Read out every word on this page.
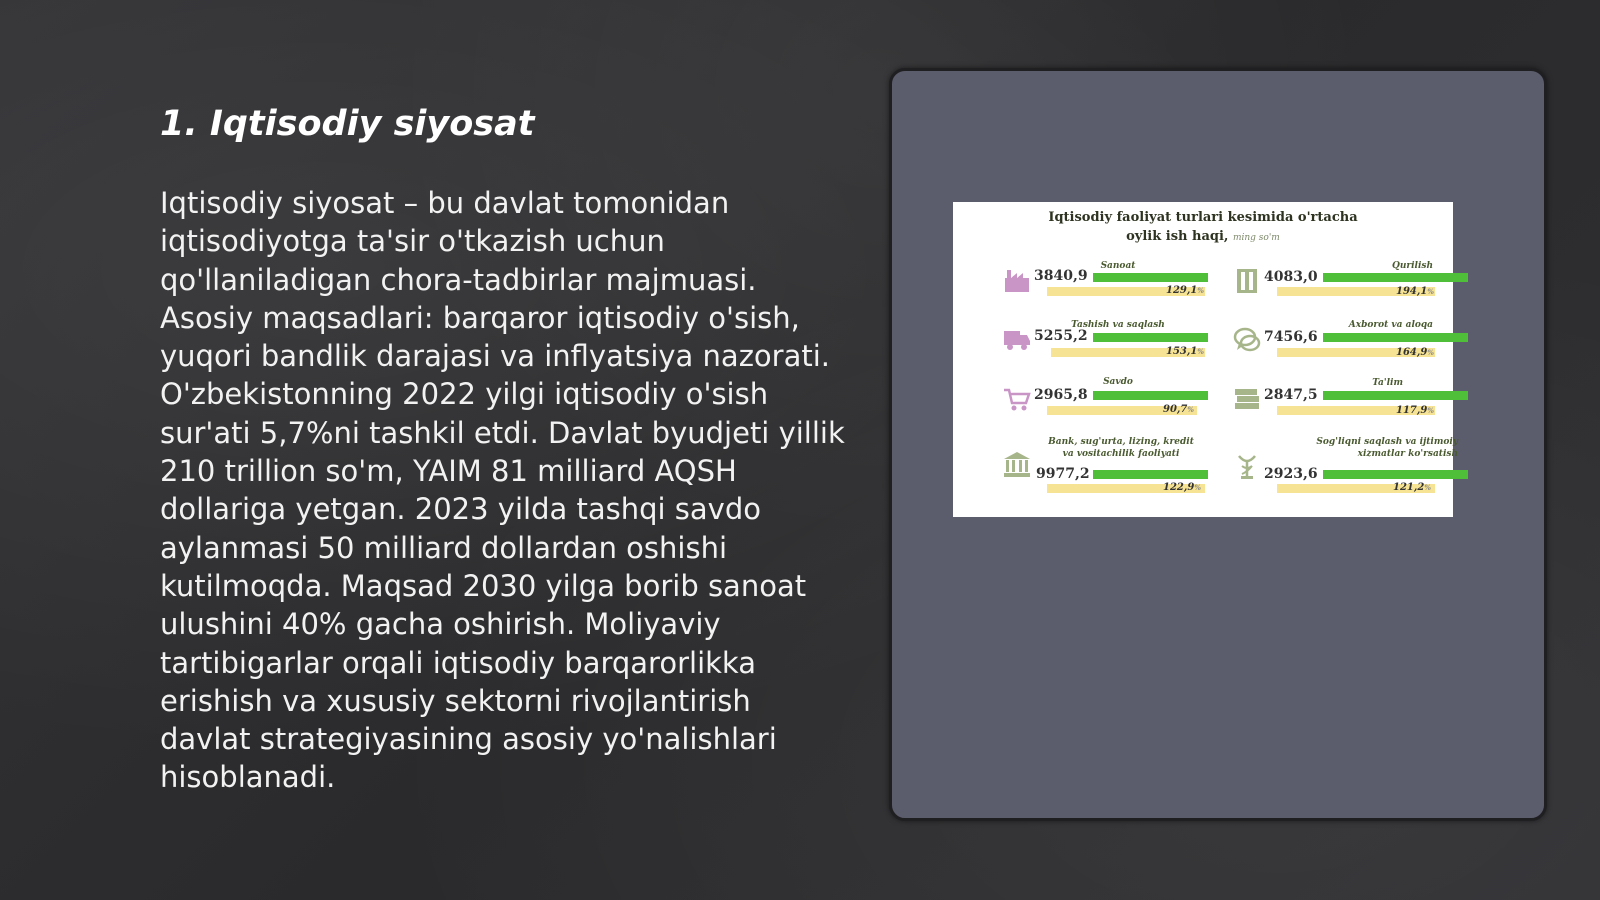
1. Iqtisodiy siyosat

Iqtisodiy siyosat – bu davlat tomonidan iqtisodiyotga ta'sir o'tkazish uchun qo'llaniladigan chora-tadbirlar majmuasi. Asosiy maqsadlari: barqaror iqtisodiy o'sish, yuqori bandlik darajasi va inflyatsiya nazorati. O'zbekistonning 2022 yilgi iqtisodiy o'sish sur'ati 5,7%ni tashkil etdi. Davlat byudjeti yillik 210 trillion so'm, YAIM 81 milliard AQSH dollariga yetgan. 2023 yilda tashqi savdo aylanmasi 50 milliard dollardan oshishi kutilmoqda. Maqsad 2030 yilga borib sanoat ulushini 40% gacha oshirish. Moliyaviy tartibigarlar orqali iqtisodiy barqarorlikka erishish va xususiy sektorni rivojlantirish davlat strategiyasining asosiy yo'nalishlari hisoblanadi.

Iqtisodiy faoliyat turlari kesimida o'rtacha
oylik ish haqi, ming so'm
3840,9
Sanoat
129,1%
4083,0
Qurilish
194,1%
5255,2
Tashish va saqlash
153,1%
7456,6
Axborot va aloqa
164,9%
2965,8
Savdo
90,7%
2847,5
Ta'lim
117,9%
9977,2
Bank, sug'urta, lizing, kredit
va vositachilik faoliyati
122,9%
2923,6
Sog'liqni saqlash va ijtimoiy
xizmatlar ko'rsatish
121,2%
